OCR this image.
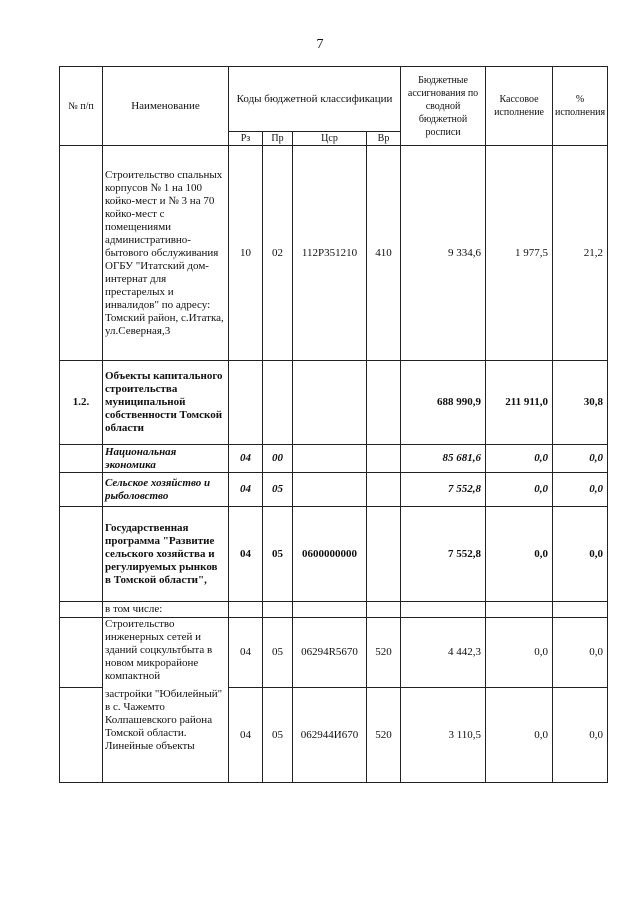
7
№ п/п	Наименование	Коды бюджетной классификации				Бюджетные ассигнования по сводной бюджетной росписи	Кассовое исполнение	% исполнения
		Рз	Пр	Цср	Вр			
	Строительство спальных корпусов № 1 на 100 койко-мест и № 3 на 70 койко-мест с помещениями административно-бытового обслуживания ОГБУ "Итатский дом-интернат для престарелых и инвалидов" по адресу: Томский район, с.Итатка, ул.Северная,3	10	02	112P351210	410	9 334,6	1 977,5	21,2
1.2.	Объекты капитального строительства муниципальной собственности Томской области					688 990,9	211 911,0	30,8
	Национальная экономика	04	00			85 681,6	0,0	0,0
	Сельское хозяйство и рыболовство	04	05			7 552,8	0,0	0,0
	Государственная программа "Развитие сельского хозяйства и регулируемых рынков в Томской области",	04	05	0600000000		7 552,8	0,0	0,0
	в том числе:							
	Строительство инженерных сетей и зданий соцкультбыта в новом микрорайоне компактной	04	05	06294R5670	520	4 442,3	0,0	0,0
	застройки "Юбилейный" в с. Чажемто Колпашевского района Томской области. Линейные объекты	04	05	062944И670	520	3 110,5	0,0	0,0
